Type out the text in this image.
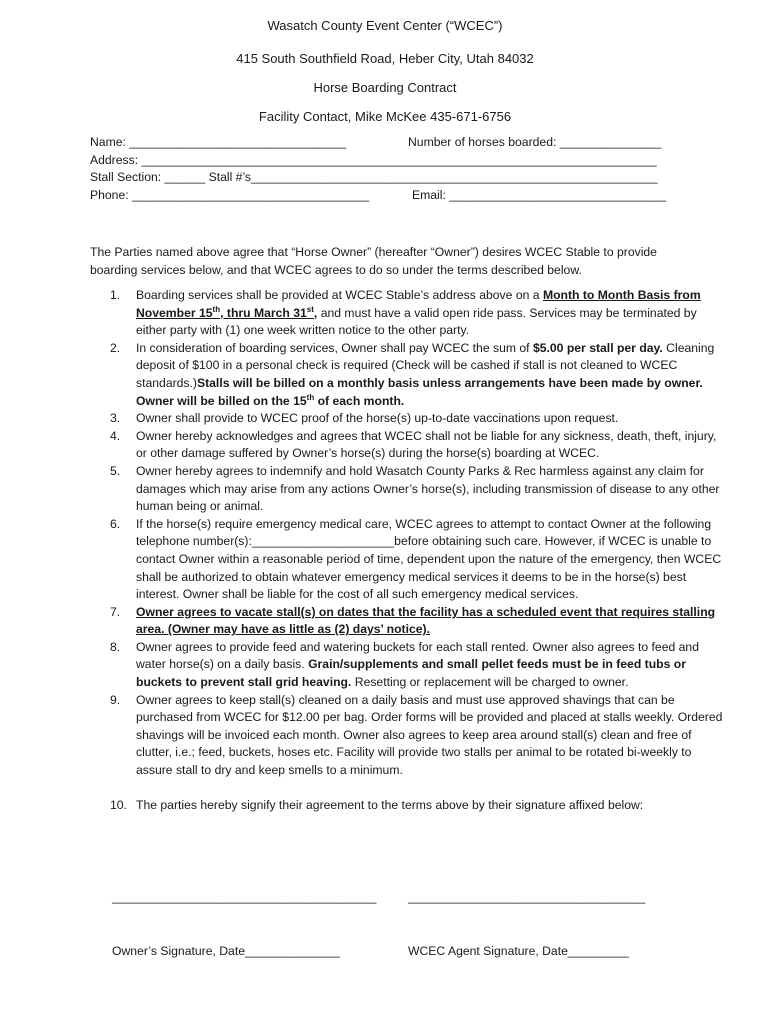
Wasatch County Event Center (“WCEC”)
415 South Southfield Road, Heber City, Utah 84032
Horse Boarding Contract
Facility Contact, Mike McKee 435-671-6756
Name: ________________________________	Number of horses boarded: _______________
Address: ____________________________________________________________________________
Stall Section: ______ Stall #’s____________________________________________________________
Phone: ___________________________________	Email: ________________________________
The Parties named above agree that “Horse Owner” (hereafter “Owner”) desires WCEC Stable to provide boarding services below, and that WCEC agrees to do so under the terms described below.
1. Boarding services shall be provided at WCEC Stable’s address above on a Month to Month Basis from November 15th, thru March 31st, and must have a valid open ride pass. Services may be terminated by either party with (1) one week written notice to the other party.
2. In consideration of boarding services, Owner shall pay WCEC the sum of $5.00 per stall per day. Cleaning deposit of $100 in a personal check is required (Check will be cashed if stall is not cleaned to WCEC standards.)Stalls will be billed on a monthly basis unless arrangements have been made by owner. Owner will be billed on the 15th of each month.
3. Owner shall provide to WCEC proof of the horse(s) up-to-date vaccinations upon request.
4. Owner hereby acknowledges and agrees that WCEC shall not be liable for any sickness, death, theft, injury, or other damage suffered by Owner’s horse(s) during the horse(s) boarding at WCEC.
5. Owner hereby agrees to indemnify and hold Wasatch County Parks & Rec harmless against any claim for damages which may arise from any actions Owner’s horse(s), including transmission of disease to any other human being or animal.
6. If the horse(s) require emergency medical care, WCEC agrees to attempt to contact Owner at the following telephone number(s):_____________________before obtaining such care. However, if WCEC is unable to contact Owner within a reasonable period of time, dependent upon the nature of the emergency, then WCEC shall be authorized to obtain whatever emergency medical services it deems to be in the horse(s) best interest. Owner shall be liable for the cost of all such emergency medical services.
7. Owner agrees to vacate stall(s) on dates that the facility has a scheduled event that requires stalling area. (Owner may have as little as (2) days’ notice).
8. Owner agrees to provide feed and watering buckets for each stall rented. Owner also agrees to feed and water horse(s) on a daily basis. Grain/supplements and small pellet feeds must be in feed tubs or buckets to prevent stall grid heaving. Resetting or replacement will be charged to owner.
9. Owner agrees to keep stall(s) cleaned on a daily basis and must use approved shavings that can be purchased from WCEC for $12.00 per bag. Order forms will be provided and placed at stalls weekly. Ordered shavings will be invoiced each month. Owner also agrees to keep area around stall(s) clean and free of clutter, i.e.; feed, buckets, hoses etc. Facility will provide two stalls per animal to be rotated bi-weekly to assure stall to dry and keep smells to a minimum.
10. The parties hereby signify their agreement to the terms above by their signature affixed below:
_______________________________________	___________________________________
Owner’s Signature, Date______________	WCEC Agent Signature, Date_________
